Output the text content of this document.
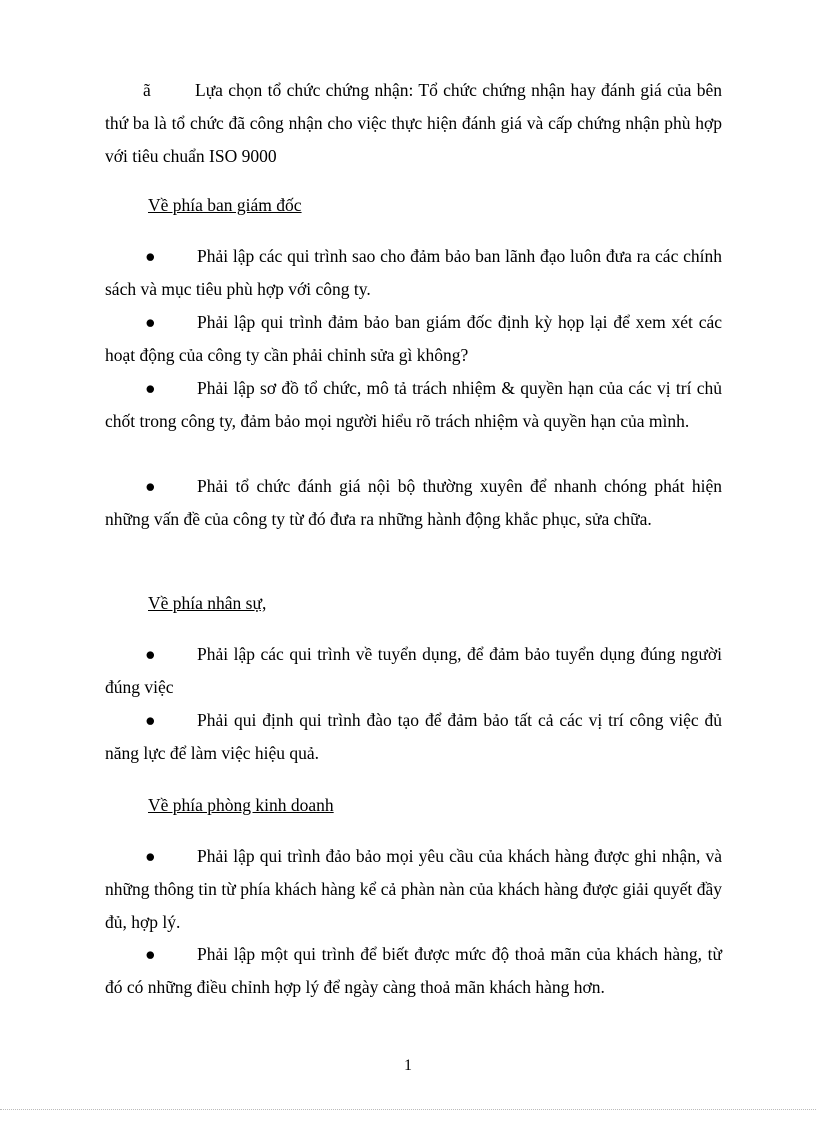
ã	Lựa chọn tổ chức chứng nhận: Tổ chức chứng nhận hay đánh giá của bên thứ ba là tổ chức đã công nhận cho việc thực hiện đánh giá và cấp chứng nhận phù hợp với tiêu chuẩn ISO 9000

Về phía ban giám đốc

● Phải lập các qui trình sao cho đảm bảo ban lãnh đạo luôn đưa ra các chính sách và mục tiêu phù hợp với công ty.

● Phải lập qui trình đảm bảo ban giám đốc định kỳ họp lại để xem xét các hoạt động của công ty cần phải chỉnh sửa gì không?

● Phải lập sơ đồ tổ chức, mô tả trách nhiệm & quyền hạn của các vị trí chủ chốt trong công ty, đảm bảo mọi người hiểu rõ trách nhiệm và quyền hạn của mình.

● Phải tổ chức đánh giá nội bộ thường xuyên để nhanh chóng phát hiện những vấn đề của công ty từ đó đưa ra những hành động khắc phục, sửa chữa.

Về phía nhân sự,

● Phải lập các qui trình về tuyển dụng, để đảm bảo tuyển dụng đúng người đúng việc

● Phải qui định qui trình đào tạo để đảm bảo tất cả các vị trí công việc đủ năng lực để làm việc hiệu quả.

Về phía phòng kinh doanh

● Phải lập qui trình đảo bảo mọi yêu cầu của khách hàng được ghi nhận, và những thông tin từ phía khách hàng kể cả phàn nàn của khách hàng được giải quyết đầy đủ, hợp lý.

● Phải lập một qui trình để biết được mức độ thoả mãn của khách hàng, từ đó có những điều chỉnh hợp lý để ngày càng thoả mãn khách hàng hơn.

1
